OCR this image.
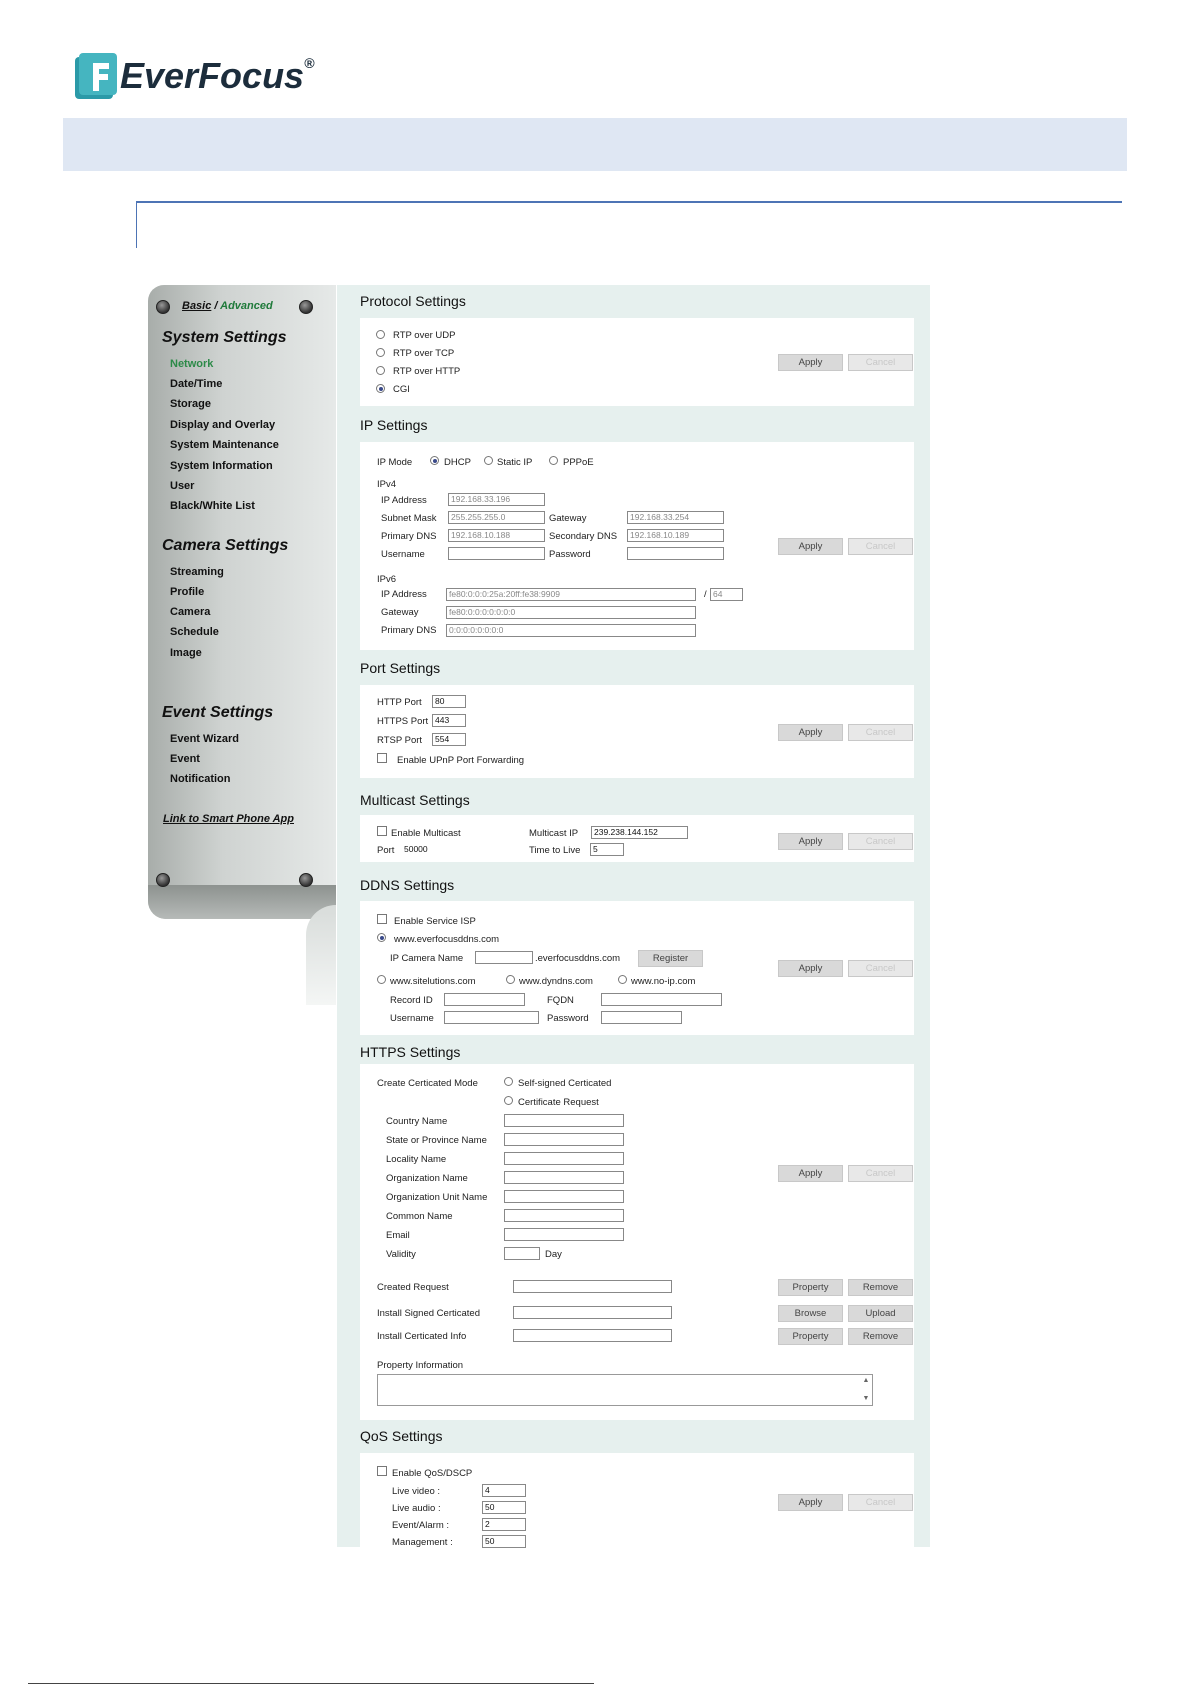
EverFocus®
Basic / Advanced
System Settings
Network
Date/Time
Storage
Display and Overlay
System Maintenance
System Information
User
Black/White List
Camera Settings
Streaming
Profile
Camera
Schedule
Image
Event Settings
Event Wizard
Event
Notification
Link to Smart Phone App
Protocol Settings
RTP over UDP
RTP over TCP
RTP over HTTP
CGI
Apply	Cancel
IP Settings
IP Mode	DHCP	Static IP	PPPoE
IPv4
IP Address	192.168.33.196
Subnet Mask	255.255.255.0	Gateway	192.168.33.254
Primary DNS	192.168.10.188	Secondary DNS	192.168.10.189
Username	Password
IPv6
IP Address	fe80:0:0:0:25a:20ff:fe38:9909	/ 64
Gateway	fe80:0:0:0:0:0:0:0
Primary DNS	0:0:0:0:0:0:0:0
Apply	Cancel
Port Settings
HTTP Port	80
HTTPS Port 443
RTSP Port	554
Enable UPnP Port Forwarding
Apply	Cancel
Multicast Settings
Enable Multicast	Multicast IP	239.238.144.152
Port	50000	Time to Live	5
Apply	Cancel
DDNS Settings
Enable Service ISP
www.everfocusddns.com
IP Camera Name	.everfocusddns.com	Register
www.sitelutions.com	www.dyndns.com	www.no-ip.com
Record ID	FQDN
Username	Password
Apply	Cancel
HTTPS Settings
Create Certicated Mode	Self-signed Certicated
Certificate Request
Country Name
State or Province Name
Locality Name
Organization Name
Organization Unit Name
Common Name
Email
Validity	Day
Apply	Cancel
Created Request	Property	Remove
Install Signed Certicated	Browse	Upload
Install Certicated Info	Property	Remove
Property Information
▲

▼
QoS Settings
Enable QoS/DSCP
Live video :	4
Live audio :	50
Event/Alarm :	2
Management :	50
Apply	Cancel
